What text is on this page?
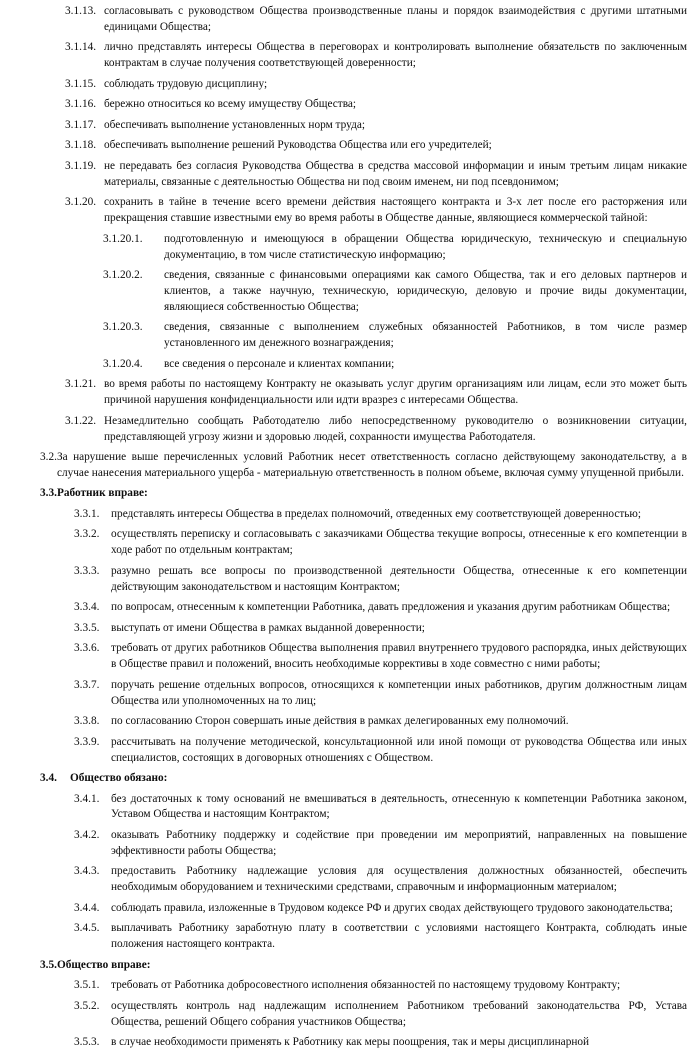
3.1.13. согласовывать с руководством Общества производственные планы и порядок взаимодействия с другими штатными единицами Общества;
3.1.14. лично представлять интересы Общества в переговорах и контролировать выполнение обязательств по заключенным контрактам в случае получения соответствующей доверенности;
3.1.15. соблюдать трудовую дисциплину;
3.1.16. бережно относиться ко всему имуществу Общества;
3.1.17. обеспечивать выполнение установленных норм труда;
3.1.18. обеспечивать выполнение решений Руководства Общества или его учредителей;
3.1.19. не передавать без согласия Руководства Общества в средства массовой информации и иным третьим лицам никакие материалы, связанные с деятельностью Общества ни под своим именем, ни под псевдонимом;
3.1.20. сохранить в тайне в течение всего времени действия настоящего контракта и 3-х лет после его расторжения или прекращения ставшие известными ему во время работы в Обществе данные, являющиеся коммерческой тайной:
3.1.20.1.	подготовленную и имеющуюся в обращении Общества юридическую, техническую и специальную документацию, в том числе статистическую информацию;
3.1.20.2.	сведения, связанные с финансовыми операциями как самого Общества, так и его деловых партнеров и клиентов, а также научную, техническую, юридическую, деловую и прочие виды документации, являющиеся собственностью Общества;
3.1.20.3.	сведения, связанные с выполнением служебных обязанностей Работников, в том числе размер установленного им денежного вознаграждения;
3.1.20.4.	все сведения о персонале и клиентах компании;
3.1.21. во время работы по настоящему Контракту не оказывать услуг другим организациям или лицам, если это может быть причиной нарушения конфиденциальности или идти вразрез с интересами Общества.
3.1.22. Незамедлительно сообщать Работодателю либо непосредственному руководителю о возникновении ситуации, представляющей угрозу жизни и здоровью людей, сохранности имущества Работодателя.
3.2. За нарушение выше перечисленных условий Работник несет ответственность согласно действующему законодательству, а в случае нанесения материального ущерба - материальную ответственность в полном объеме, включая сумму упущенной прибыли.
3.3. Работник вправе:
3.3.1.	представлять интересы Общества в пределах полномочий, отведенных ему соответствующей доверенностью;
3.3.2.	осуществлять переписку и согласовывать с заказчиками Общества текущие вопросы, отнесенные к его компетенции в ходе работ по отдельным контрактам;
3.3.3.	разумно решать все вопросы по производственной деятельности Общества, отнесенные к его компетенции действующим законодательством и настоящим Контрактом;
3.3.4.	по вопросам, отнесенным к компетенции Работника, давать предложения и указания другим работникам Общества;
3.3.5.	выступать от имени Общества в рамках выданной доверенности;
3.3.6.	требовать от других работников Общества выполнения правил внутреннего трудового распорядка, иных действующих в Обществе правил и положений, вносить необходимые коррективы в ходе совместно с ними работы;
3.3.7.	поручать решение отдельных вопросов, относящихся к компетенции иных работников, другим должностным лицам Общества или уполномоченных на то лиц;
3.3.8.	по согласованию Сторон совершать иные действия в рамках делегированных ему полномочий.
3.3.9.	рассчитывать на получение методической, консультационной или иной помощи от руководства Общества или иных специалистов, состоящих в договорных отношениях с Обществом.
3.4.	Общество обязано:
3.4.1.	без достаточных к тому оснований не вмешиваться в деятельность, отнесенную к компетенции Работника законом, Уставом Общества и настоящим Контрактом;
3.4.2.	оказывать Работнику поддержку и содействие при проведении им мероприятий, направленных на повышение эффективности работы Общества;
3.4.3.	предоставить Работнику надлежащие условия для осуществления должностных обязанностей, обеспечить необходимым оборудованием и техническими средствами, справочным и информационным материалом;
3.4.4.	соблюдать правила, изложенные в Трудовом кодексе РФ и других сводах действующего трудового законодательства;
3.4.5.	выплачивать Работнику заработную плату в соответствии с условиями настоящего Контракта, соблюдать иные положения настоящего контракта.
3.5. Общество вправе:
3.5.1.	требовать от Работника добросовестного исполнения обязанностей по настоящему трудовому Контракту;
3.5.2.	осуществлять контроль над надлежащим исполнением Работником требований законодательства РФ, Устава Общества, решений Общего собрания участников Общества;
3.5.3.	в случае необходимости применять к Работнику как меры поощрения, так и меры дисциплинарной
